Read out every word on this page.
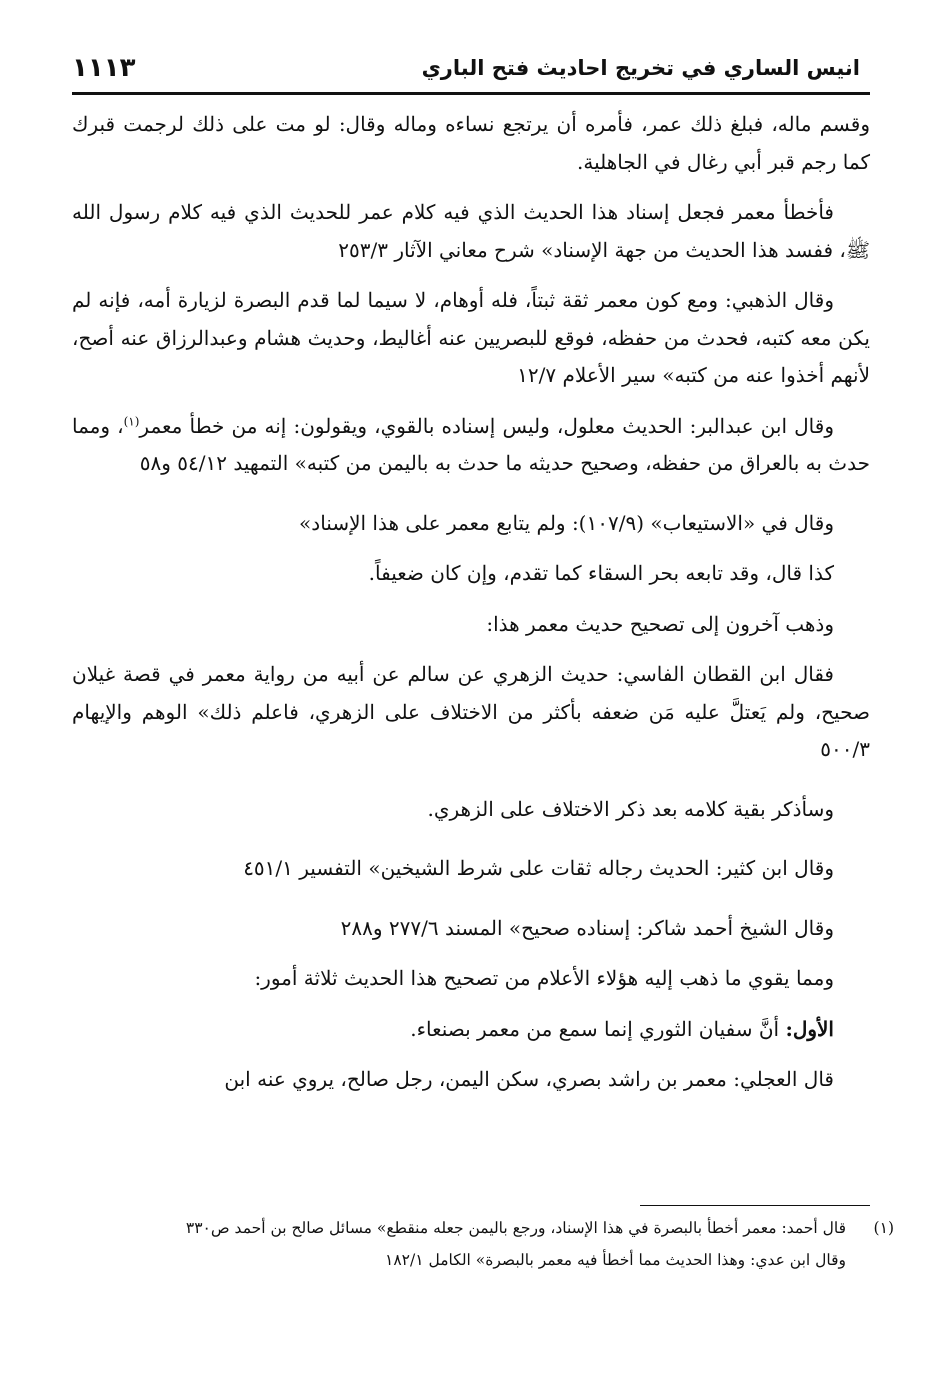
انيس الساري في تخريج احاديث فتح الباري
١١١٣

وقسم ماله، فبلغ ذلك عمر، فأمره أن يرتجع نساءه وماله وقال: لو مت على ذلك لرجمت قبرك كما رجم قبر أبي رغال في الجاهلية.

فأخطأ معمر فجعل إسناد هذا الحديث الذي فيه كلام عمر للحديث الذي فيه كلام رسول الله ﷺ، ففسد هذا الحديث من جهة الإسناد» شرح معاني الآثار ٢٥٣/٣

وقال الذهبي: ومع كون معمر ثقة ثبتاً، فله أوهام، لا سيما لما قدم البصرة لزيارة أمه، فإنه لم يكن معه كتبه، فحدث من حفظه، فوقع للبصريين عنه أغاليط، وحديث هشام وعبدالرزاق عنه أصح، لأنهم أخذوا عنه من كتبه» سير الأعلام ١٢/٧

وقال ابن عبدالبر: الحديث معلول، وليس إسناده بالقوي، ويقولون: إنه من خطأ معمر$^{(١)}$، ومما حدث به بالعراق من حفظه، وصحيح حديثه ما حدث به باليمن من كتبه» التمهيد ٥٤/١٢ و٥٨

وقال في «الاستيعاب» (١٠٧/٩): ولم يتابع معمر على هذا الإسناد»

كذا قال، وقد تابعه بحر السقاء كما تقدم، وإن كان ضعيفاً.

وذهب آخرون إلى تصحيح حديث معمر هذا:

فقال ابن القطان الفاسي: حديث الزهري عن سالم عن أبيه من رواية معمر في قصة غيلان صحيح، ولم يَعتلَّ عليه مَن ضعفه بأكثر من الاختلاف على الزهري، فاعلم ذلك» الوهم والإيهام ٥٠٠/٣

وسأذكر بقية كلامه بعد ذكر الاختلاف على الزهري.

وقال ابن كثير: الحديث رجاله ثقات على شرط الشيخين» التفسير ٤٥١/١

وقال الشيخ أحمد شاكر: إسناده صحيح» المسند ٢٧٧/٦ و٢٨٨

ومما يقوي ما ذهب إليه هؤلاء الأعلام من تصحيح هذا الحديث ثلاثة أمور:

الأول: أنَّ سفيان الثوري إنما سمع من معمر بصنعاء.

قال العجلي: معمر بن راشد بصري، سكن اليمن، رجل صالح، يروي عنه ابن

(١)
قال أحمد: معمر أخطأ بالبصرة في هذا الإسناد، ورجع باليمن جعله منقطع» مسائل صالح بن أحمد ص٣٣٠
وقال ابن عدي: وهذا الحديث مما أخطأ فيه معمر بالبصرة» الكامل ١٨٢/١
